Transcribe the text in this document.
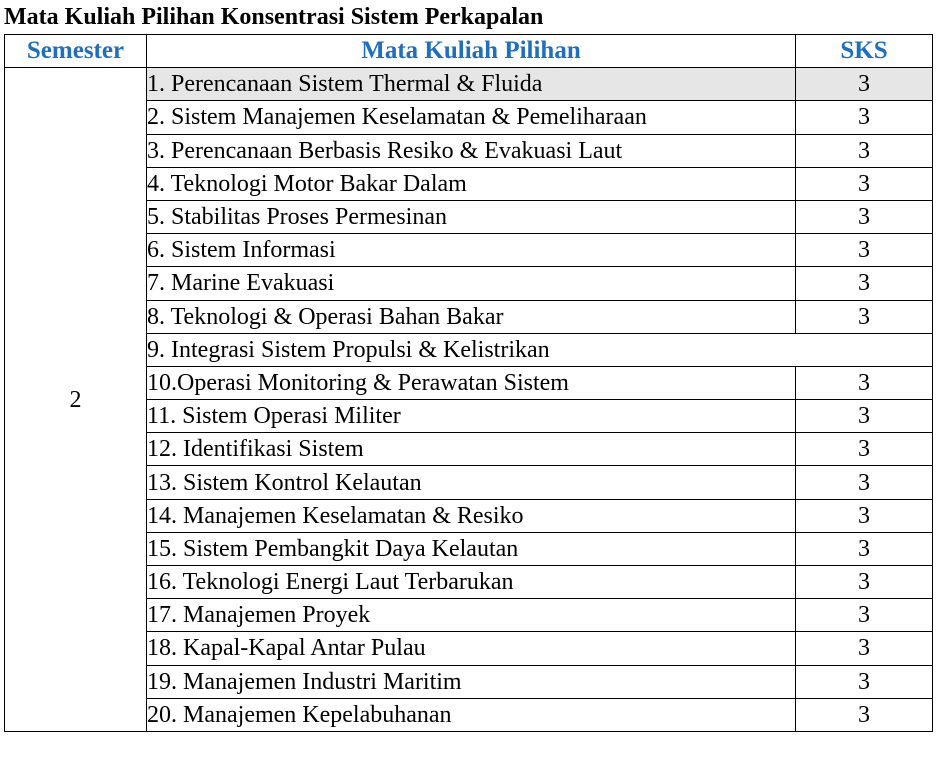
Mata Kuliah Pilihan Konsentrasi Sistem Perkapalan
Semester	Mata Kuliah Pilihan	SKS
2	1. Perencanaan Sistem Thermal & Fluida	3
	2. Sistem Manajemen Keselamatan & Pemeliharaan	3
	3. Perencanaan Berbasis Resiko & Evakuasi Laut	3
	4. Teknologi Motor Bakar Dalam	3
	5. Stabilitas Proses Permesinan	3
	6. Sistem Informasi	3
	7. Marine Evakuasi	3
	8. Teknologi & Operasi Bahan Bakar	3
	9. Integrasi Sistem Propulsi & Kelistrikan	
	10.Operasi Monitoring & Perawatan Sistem	3
	11. Sistem Operasi Militer	3
	12. Identifikasi Sistem	3
	13. Sistem Kontrol Kelautan	3
	14. Manajemen Keselamatan & Resiko	3
	15. Sistem Pembangkit Daya Kelautan	3
	16. Teknologi Energi Laut Terbarukan	3
	17. Manajemen Proyek	3
	18. Kapal-Kapal Antar Pulau	3
	19. Manajemen Industri Maritim	3
	20. Manajemen Kepelabuhanan	3
